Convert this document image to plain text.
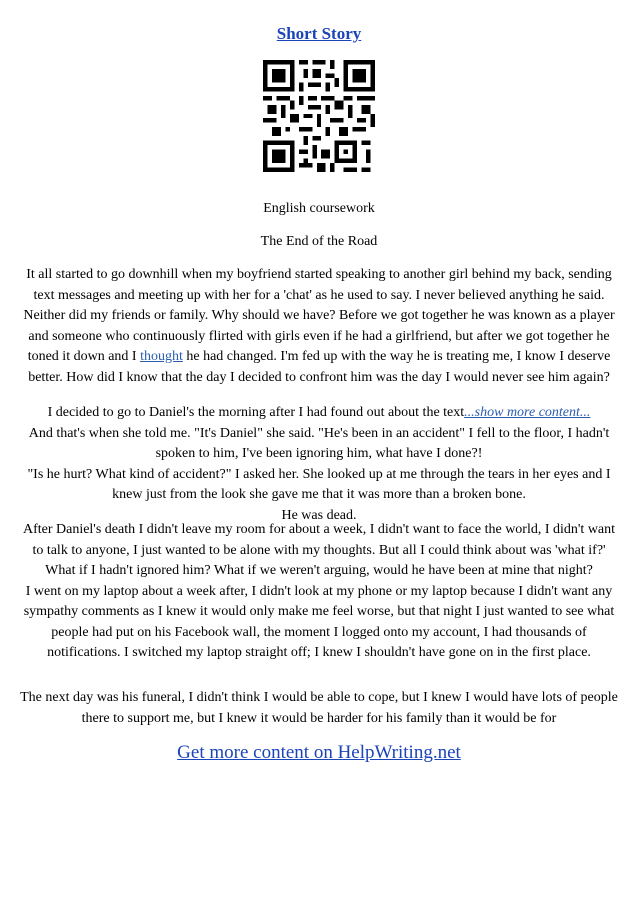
Short Story
English coursework
The End of the Road

It all started to go downhill when my boyfriend started speaking to another girl behind my back, sending text messages and meeting up with her for a 'chat' as he used to say. I never believed anything he said. Neither did my friends or family. Why should we have? Before we got together he was known as a player and someone who continuously flirted with girls even if he had a girlfriend, but after we got together he toned it down and I thought he had changed. I'm fed up with the way he is treating me, I know I deserve better. How did I know that the day I decided to confront him was the day I would never see him again?

I decided to go to Daniel's the morning after I had found out about the text...show more content...

And that's when she told me. "It's Daniel" she said. "He's been in an accident" I fell to the floor, I hadn't spoken to him, I've been ignoring him, what have I done?!

"Is he hurt? What kind of accident?" I asked her. She looked up at me through the tears in her eyes and I knew just from the look she gave me that it was more than a broken bone.

He was dead.

After Daniel's death I didn't leave my room for about a week, I didn't want to face the world, I didn't want to talk to anyone, I just wanted to be alone with my thoughts. But all I could think about was 'what if?' What if I hadn't ignored him? What if we weren't arguing, would he have been at mine that night?

I went on my laptop about a week after, I didn't look at my phone or my laptop because I didn't want any sympathy comments as I knew it would only make me feel worse, but that night I just wanted to see what people had put on his Facebook wall, the moment I logged onto my account, I had thousands of notifications. I switched my laptop straight off; I knew I shouldn't have gone on in the first place.

The next day was his funeral, I didn't think I would be able to cope, but I knew I would have lots of people there to support me, but I knew it would be harder for his family than it would be for

Get more content on HelpWriting.net
